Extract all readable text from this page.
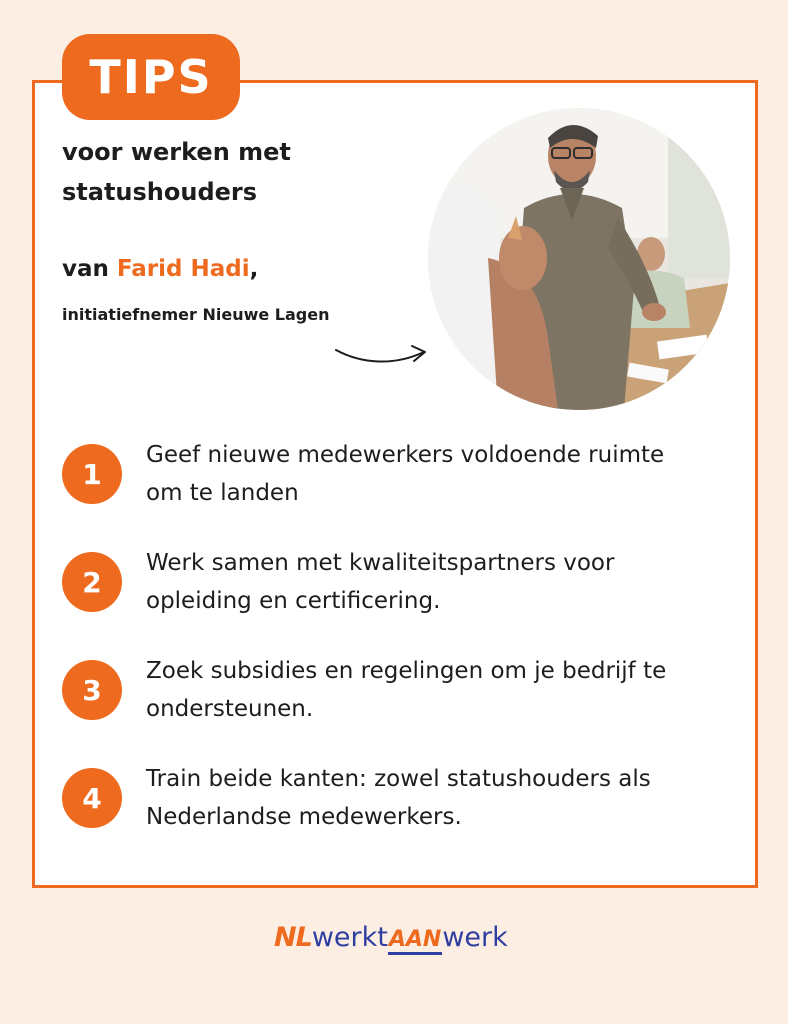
TIPS
voor werken met statushouders
van Farid Hadi,
initiatiefnemer Nieuwe Lagen
1
Geef nieuwe medewerkers voldoende ruimte om te landen
2
Werk samen met kwaliteitspartners voor opleiding en certificering.
3
Zoek subsidies en regelingen om je bedrijf te ondersteunen.
4
Train beide kanten: zowel statushouders als Nederlandse medewerkers.
NLwerktAANwerk
